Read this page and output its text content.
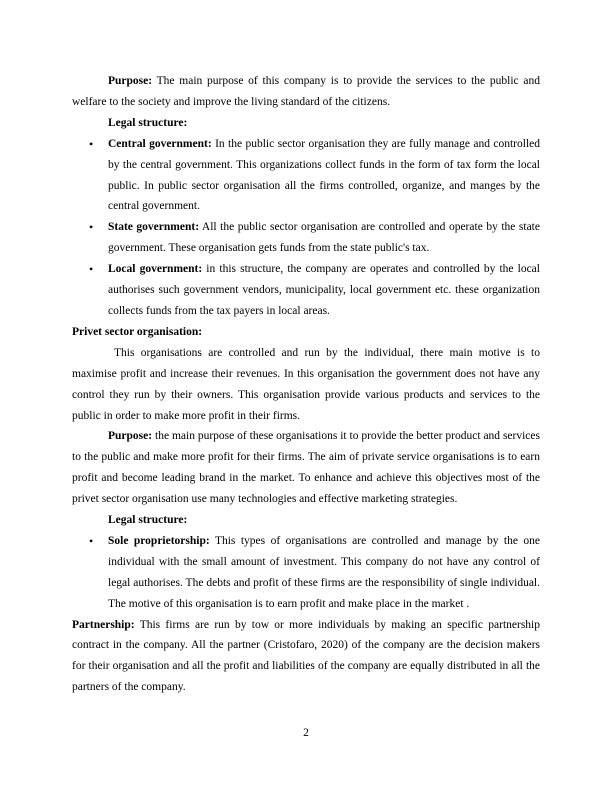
Purpose: The main purpose of this company is to provide the services to the public and welfare to the society and improve the living standard of the citizens.

Legal structure:

• Central government: In the public sector organisation they are fully manage and controlled by the central government. This organizations collect funds in the form of tax form the local public. In public sector organisation all the firms controlled, organize, and manges by the central government.
• State government: All the public sector organisation are controlled and operate by the state government. These organisation gets funds from the state public's tax.
• Local government: in this structure, the company are operates and controlled by the local authorises such government vendors, municipality, local government etc. these organization collects funds from the tax payers in local areas.

Privet sector organisation:

This organisations are controlled and run by the individual, there main motive is to maximise profit and increase their revenues. In this organisation the government does not have any control they run by their owners. This organisation provide various products and services to the public in order to make more profit in their firms.

Purpose: the main purpose of these organisations it to provide the better product and services to the public and make more profit for their firms. The aim of private service organisations is to earn profit and become leading brand in the market. To enhance and achieve this objectives most of the privet sector organisation use many technologies and effective marketing strategies.

Legal structure:

• Sole proprietorship: This types of organisations are controlled and manage by the one individual with the small amount of investment. This company do not have any control of legal authorises. The debts and profit of these firms are the responsibility of single individual. The motive of this organisation is to earn profit and make place in the market .

Partnership: This firms are run by tow or more individuals by making an specific partnership contract in the company. All the partner (Cristofaro, 2020) of the company are the decision makers for their organisation and all the profit and liabilities of the company are equally distributed in all the partners of the company.

2
